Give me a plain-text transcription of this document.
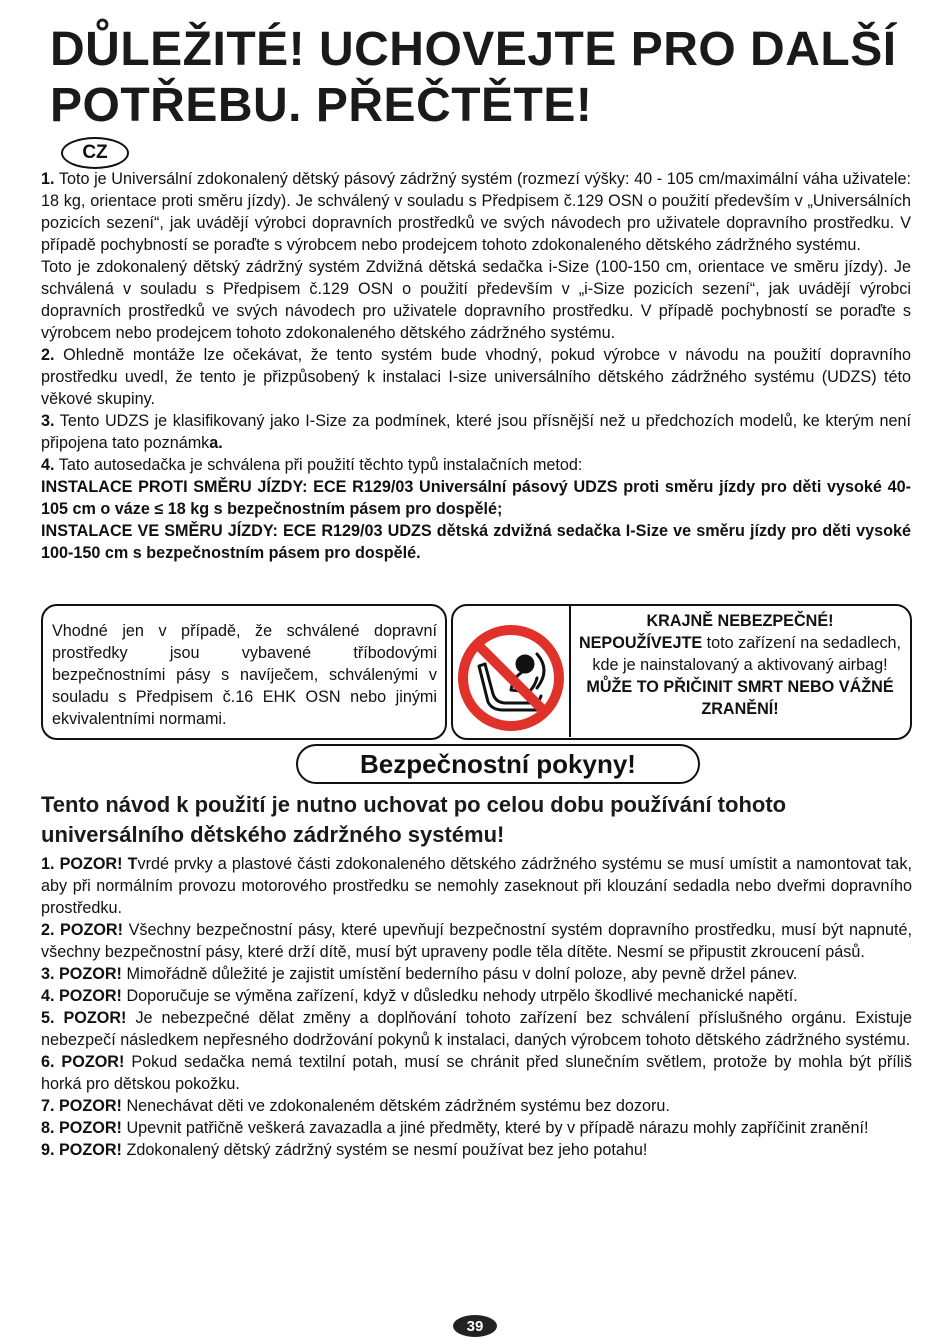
DŮLEŽITÉ! UCHOVEJTE PRO DALŠÍ POTŘEBU. PŘEČTĚTE!
CZ

1. Toto je Universální zdokonalený dětský pásový zádržný systém (rozmezí výšky: 40 - 105 cm/maximální váha uživatele: 18 kg, orientace proti směru jízdy). Je schválený v souladu s Předpisem č.129 OSN o použití především v „Universálních pozicích sezení“, jak uvádějí výrobci dopravních prostředků ve svých návodech pro uživatele dopravního prostředku. V případě pochybností se poraďte s výrobcem nebo prodejcem tohoto zdokonaleného dětského zádržného systému.

Toto je zdokonalený dětský zádržný systém Zdvižná dětská sedačka i-Size (100-150 cm, orientace ve směru jízdy). Je schválená v souladu s Předpisem č.129 OSN o použití především v „i-Size pozicích sezení“, jak uvádějí výrobci dopravních prostředků ve svých návodech pro uživatele dopravního prostředku. V případě pochybností se poraďte s výrobcem nebo prodejcem tohoto zdokonaleného dětského zádržného systému.

2. Ohledně montáže lze očekávat, že tento systém bude vhodný, pokud výrobce v návodu na použití dopravního prostředku uvedl, že tento je přizpůsobený k instalaci I-size universálního dětského zádržného systému (UDZS) této věkové skupiny.

3. Tento UDZS je klasifikovaný jako I-Size za podmínek, které jsou přísnější než u předchozích modelů, ke kterým není připojena tato poznámka.

4. Tato autosedačka je schválena při použití těchto typů instalačních metod:

INSTALACE PROTI SMĚRU JÍZDY: ECE R129/03 Universální pásový UDZS proti směru jízdy pro děti vysoké 40-105 cm o váze ≤ 18 kg s bezpečnostním pásem pro dospělé;

INSTALACE VE SMĚRU JÍZDY: ECE R129/03 UDZS dětská zdvižná sedačka I-Size ve směru jízdy pro děti vysoké 100-150 cm s bezpečnostním pásem pro dospělé.

Vhodné jen v případě, že schválené dopravní prostředky jsou vybavené tříbodovými bezpečnostními pásy s navíječem, schválenými v souladu s Předpisem č.16 EHK OSN nebo jinými ekvivalentními normami.
KRAJNĚ NEBEZPEČNÉ!
NEPOUŽÍVEJTE toto zařízení na sedadlech, kde je nainstalovaný a aktivovaný airbag!
MŮŽE TO PŘIČINIT SMRT NEBO VÁŽNÉ ZRANĚNÍ!
Bezpečnostní pokyny!
Tento návod k použití je nutno uchovat po celou dobu používání tohoto universálního dětského zádržného systému!

1. POZOR! Tvrdé prvky a plastové části zdokonaleného dětského zádržného systému se musí umístit a namontovat tak, aby při normálním provozu motorového prostředku se nemohly zaseknout při klouzání sedadla nebo dveřmi dopravního prostředku.

2. POZOR! Všechny bezpečnostní pásy, které upevňují bezpečnostní systém dopravního prostředku, musí být napnuté, všechny bezpečnostní pásy, které drží dítě, musí být upraveny podle těla dítěte. Nesmí se připustit zkroucení pásů.

3. POZOR! Mimořádně důležité je zajistit umístění bederního pásu v dolní poloze, aby pevně držel pánev.

4. POZOR! Doporučuje se výměna zařízení, když v důsledku nehody utrpělo škodlivé mechanické napětí.

5. POZOR! Je nebezpečné dělat změny a doplňování tohoto zařízení bez schválení příslušného orgánu. Existuje nebezpečí následkem nepřesného dodržování pokynů k instalaci, daných výrobcem tohoto dětského zádržného systému.

6. POZOR! Pokud sedačka nemá textilní potah, musí se chránit před slunečním světlem, protože by mohla být příliš horká pro dětskou pokožku.

7. POZOR! Nenechávat děti ve zdokonaleném dětském zádržném systému bez dozoru.

8. POZOR! Upevnit patřičně veškerá zavazadla a jiné předměty, které by v případě nárazu mohly zapříčinit zranění!

9. POZOR! Zdokonalený dětský zádržný systém se nesmí používat bez jeho potahu!

39
